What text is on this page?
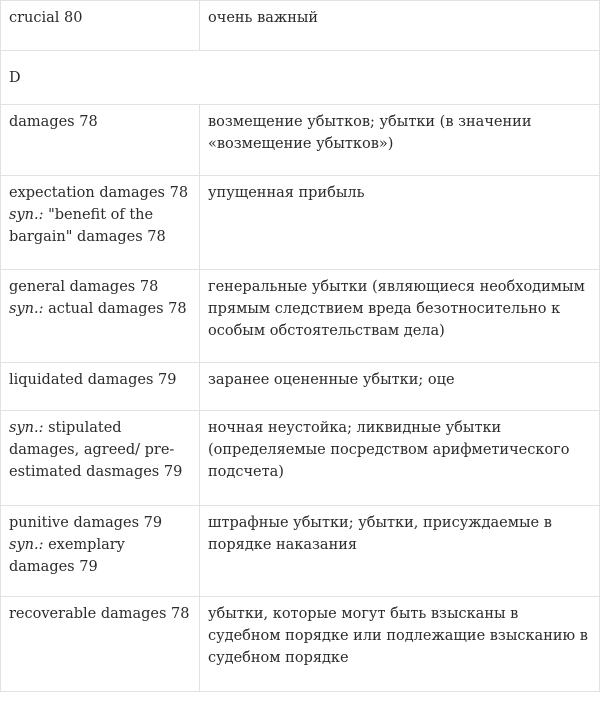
crucial 80	очень важный
D	
damages 78	возмещение убытков; убытки (в значении «возмещение убытков»)
expectation damages 78 syn.: "benefit of the bargain" damages 78	упущенная прибыль
general damages 78 syn.: actual damages 78	генеральные убытки (являющиеся необходимым прямым следствием вреда безотносительно к особым обстоятельствам дела)
liquidated damages 79	заранее оцененные убытки; оце
syn.: stipulated damages, agreed/ pre-estimated dasmages 79	ночная неустойка; ликвидные убытки (определяемые посредством арифметического подсчета)
punitive damages 79 syn.: exemplary damages 79	штрафные убытки; убытки, присуждаемые в порядке наказания
recoverable damages 78	убытки, которые могут быть взысканы в судебном порядке или подлежащие взысканию в судебном порядке
